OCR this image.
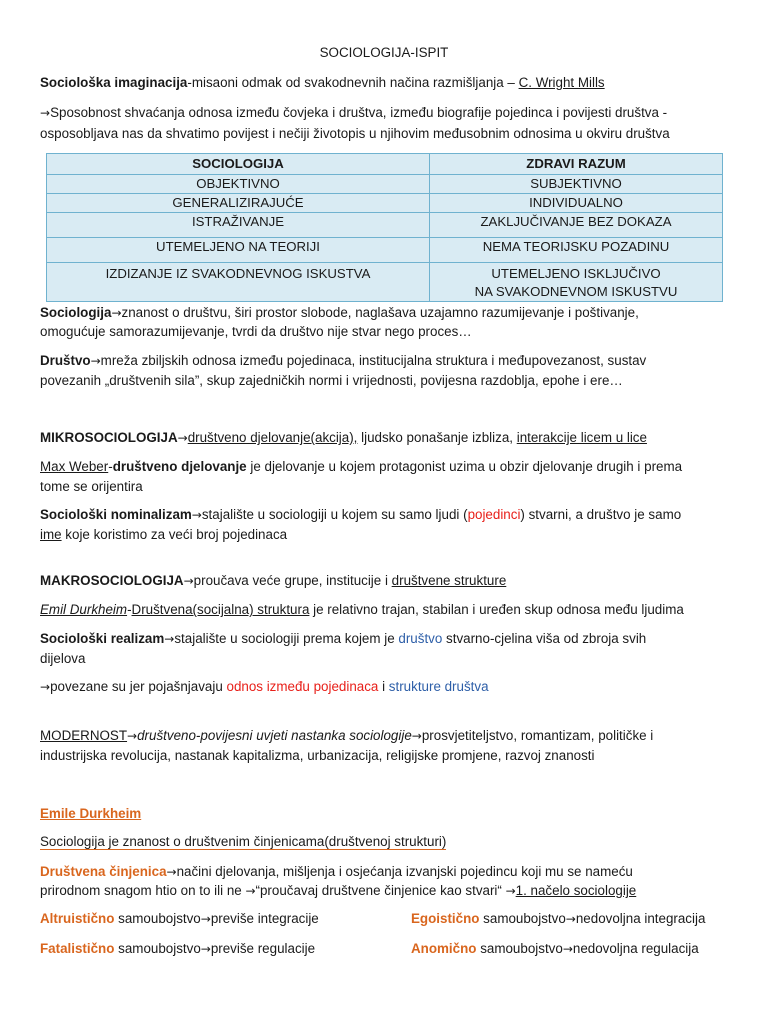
SOCIOLOGIJA-ISPIT
Sociološka imaginacija-misaoni odmak od svakodnevnih načina razmišljanja – C. Wright Mills
→Sposobnost shvaćanja odnosa između čovjeka i društva, između biografije pojedinca i povijesti društva -
osposobljava nas da shvatimo povijest i nečiji životopis u njihovim međusobnim odnosima u okviru društva
SOCIOLOGIJA	ZDRAVI RAZUM
OBJEKTIVNO	SUBJEKTIVNO
GENERALIZIRAJUĆE	INDIVIDUALNO
ISTRAŽIVANJE	ZAKLJUČIVANJE BEZ DOKAZA
UTEMELJENO NA TEORIJI	NEMA TEORIJSKU POZADINU
IZDIZANJE IZ SVAKODNEVNOG ISKUSTVA	UTEMELJENO ISKLJUČIVO
NA SVAKODNEVNOM ISKUSTVU
Sociologija→znanost o društvu, širi prostor slobode, naglašava uzajamno razumijevanje i poštivanje,
omogućuje samorazumijevanje, tvrdi da društvo nije stvar nego proces…
Društvo→mreža zbiljskih odnosa između pojedinaca, institucijalna struktura i međupovezanost, sustav
povezanih „društvenih sila”, skup zajedničkih normi i vrijednosti, povijesna razdoblja, epohe i ere…
MIKROSOCIOLOGIJA→društveno djelovanje(akcija), ljudsko ponašanje izbliza, interakcije licem u lice
Max Weber-društveno djelovanje je djelovanje u kojem protagonist uzima u obzir djelovanje drugih i prema
tome se orijentira
Sociološki nominalizam→stajalište u sociologiji u kojem su samo ljudi (pojedinci) stvarni, a društvo je samo
ime koje koristimo za veći broj pojedinaca
MAKROSOCIOLOGIJA→proučava veće grupe, institucije i društvene strukture
Emil Durkheim-Društvena(socijalna) struktura je relativno trajan, stabilan i uređen skup odnosa među ljudima
Sociološki realizam→stajalište u sociologiji prema kojem je društvo stvarno-cjelina viša od zbroja svih
dijelova
→povezane su jer pojašnjavaju odnos između pojedinaca i strukture društva
MODERNOST→društveno-povijesni uvjeti nastanka sociologije→prosvjetiteljstvo, romantizam, političke i
industrijska revolucija, nastanak kapitalizma, urbanizacija, religijske promjene, razvoj znanosti
Emile Durkheim
Sociologija je znanost o društvenim činjenicama(društvenoj strukturi)
Društvena činjenica→načini djelovanja, mišljenja i osjećanja izvanjski pojedincu koji mu se nameću
prirodnom snagom htio on to ili ne →“proučavaj društvene činjenice kao stvari“ →1. načelo sociologije
Altruistično samoubojstvo→previše integracije	Egoistično samoubojstvo→nedovoljna integracija
Fatalistično samoubojstvo→previše regulacije	Anomično samoubojstvo→nedovoljna regulacija
